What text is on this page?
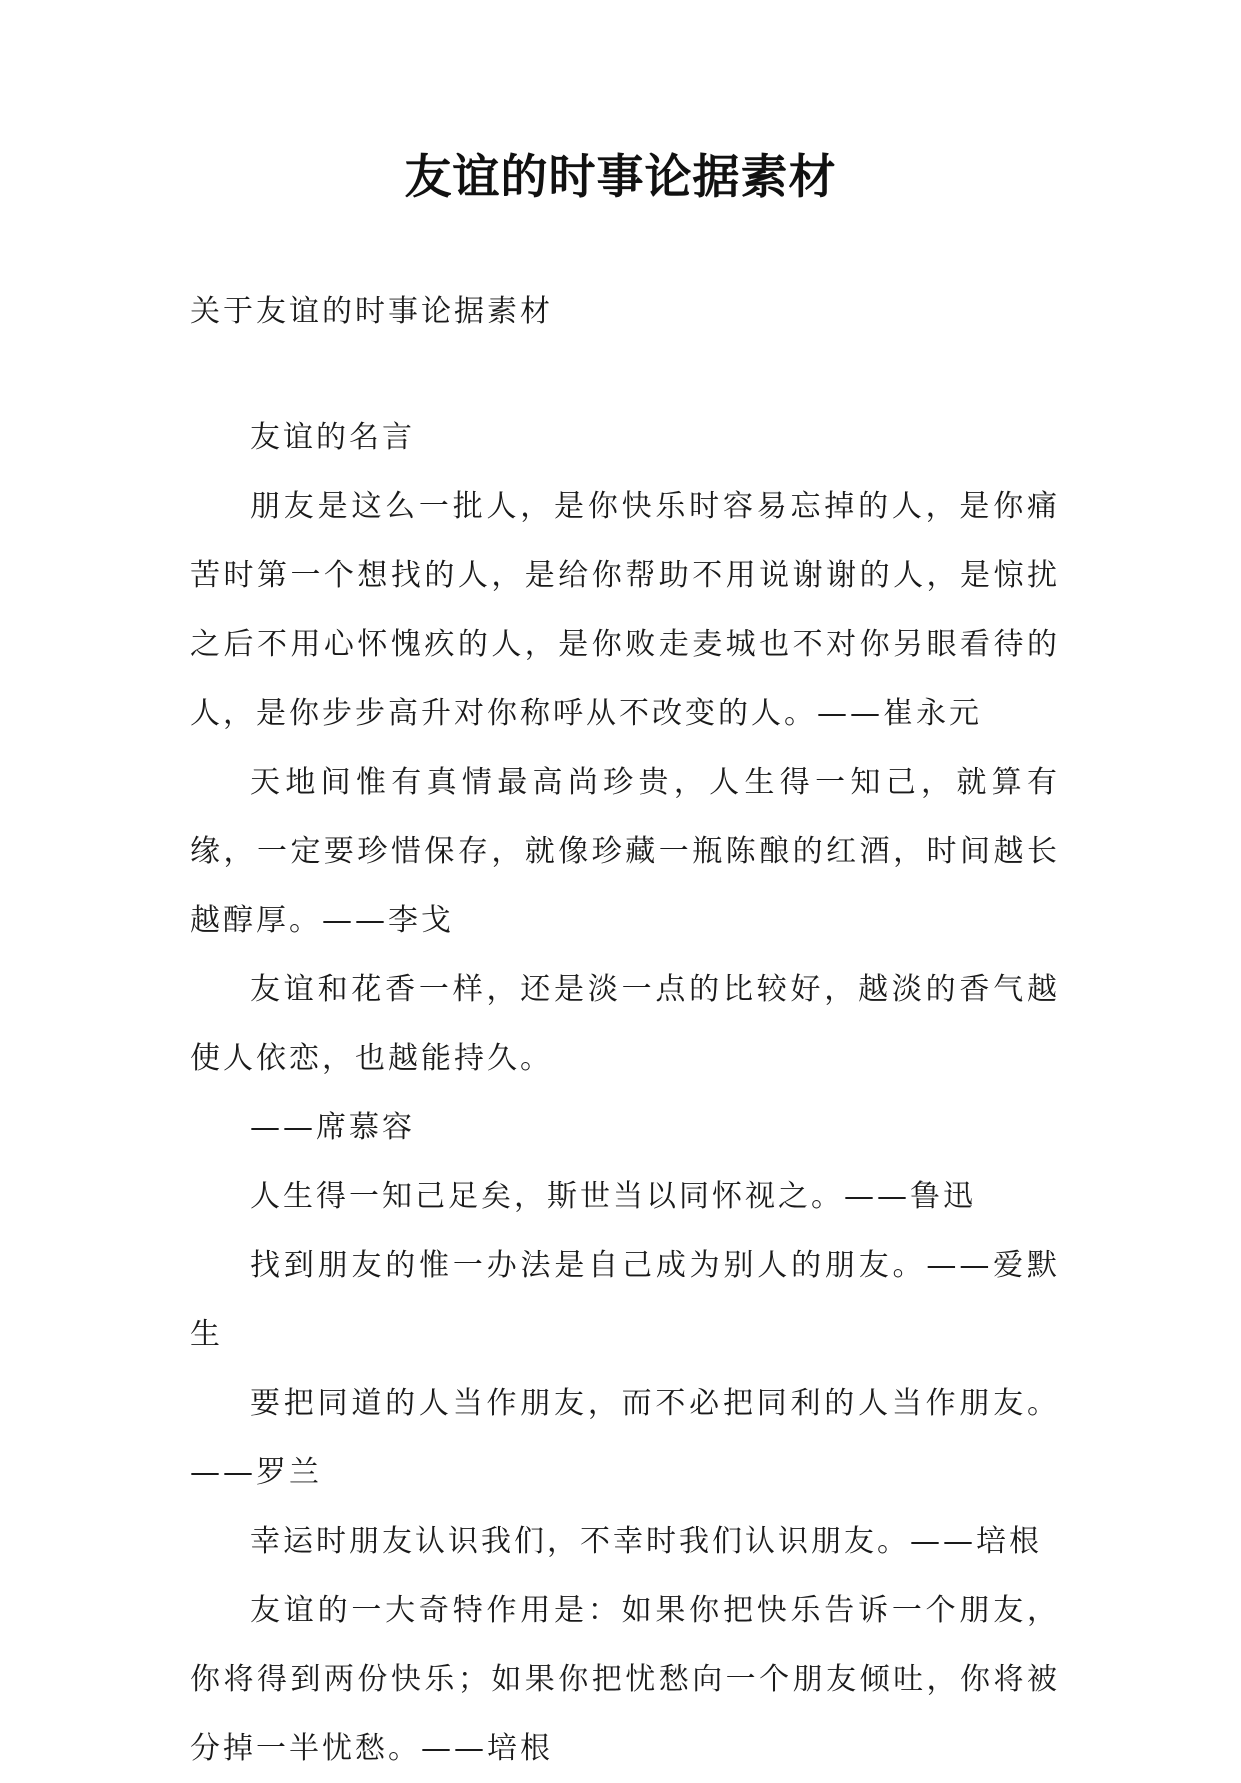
友谊的时事论据素材
关于友谊的时事论据素材

友谊的名言

朋友是这么一批人，是你快乐时容易忘掉的人，是你痛苦时第一个想找的人，是给你帮助不用说谢谢的人，是惊扰之后不用心怀愧疚的人，是你败走麦城也不对你另眼看待的人，是你步步高升对你称呼从不改变的人。——崔永元

天地间惟有真情最高尚珍贵，人生得一知己，就算有缘，一定要珍惜保存，就像珍藏一瓶陈酿的红酒，时间越长越醇厚。——李戈

友谊和花香一样，还是淡一点的比较好，越淡的香气越使人依恋，也越能持久。

——席慕容

人生得一知己足矣，斯世当以同怀视之。——鲁迅

找到朋友的惟一办法是自己成为别人的朋友。——爱默生

要把同道的人当作朋友，而不必把同利的人当作朋友。——罗兰

幸运时朋友认识我们，不幸时我们认识朋友。——培根

友谊的一大奇特作用是：如果你把快乐告诉一个朋友，你将得到两份快乐；如果你把忧愁向一个朋友倾吐，你将被分掉一半忧愁。——培根
